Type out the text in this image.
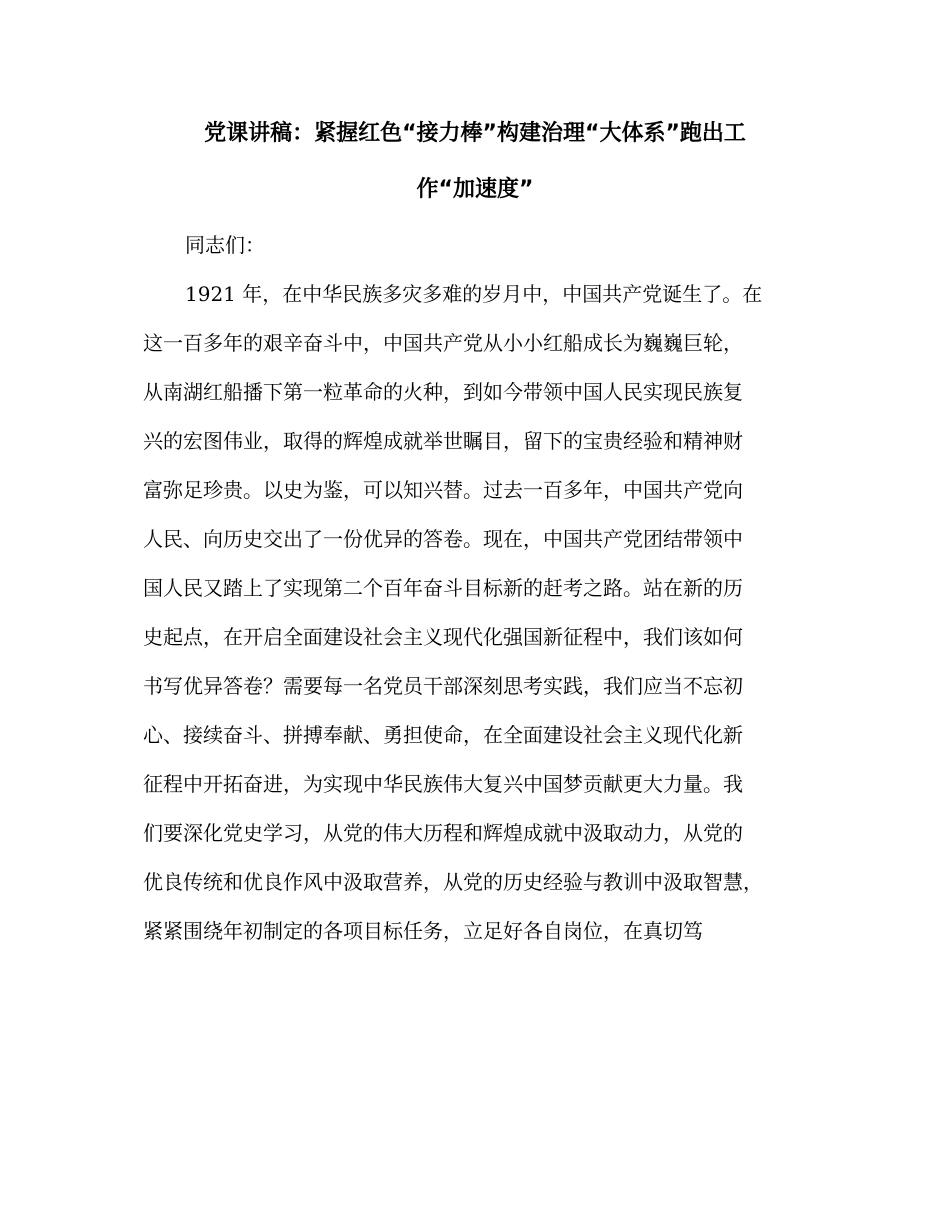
党课讲稿：紧握红色“接力棒”构建治理“大体系”跑出工
作“加速度”

同志们：

1921 年，在中华民族多灾多难的岁月中，中国共产党诞生了。在
这一百多年的艰辛奋斗中，中国共产党从小小红船成长为巍巍巨轮，
从南湖红船播下第一粒革命的火种，到如今带领中国人民实现民族复
兴的宏图伟业，取得的辉煌成就举世瞩目，留下的宝贵经验和精神财
富弥足珍贵。以史为鉴，可以知兴替。过去一百多年，中国共产党向
人民、向历史交出了一份优异的答卷。现在，中国共产党团结带领中
国人民又踏上了实现第二个百年奋斗目标新的赶考之路。站在新的历
史起点，在开启全面建设社会主义现代化强国新征程中，我们该如何
书写优异答卷？需要每一名党员干部深刻思考实践，我们应当不忘初
心、接续奋斗、拼搏奉献、勇担使命，在全面建设社会主义现代化新
征程中开拓奋进，为实现中华民族伟大复兴中国梦贡献更大力量。我
们要深化党史学习，从党的伟大历程和辉煌成就中汲取动力，从党的
优良传统和优良作风中汲取营养，从党的历史经验与教训中汲取智慧，
紧紧围绕年初制定的各项目标任务，立足好各自岗位，在真切笃
